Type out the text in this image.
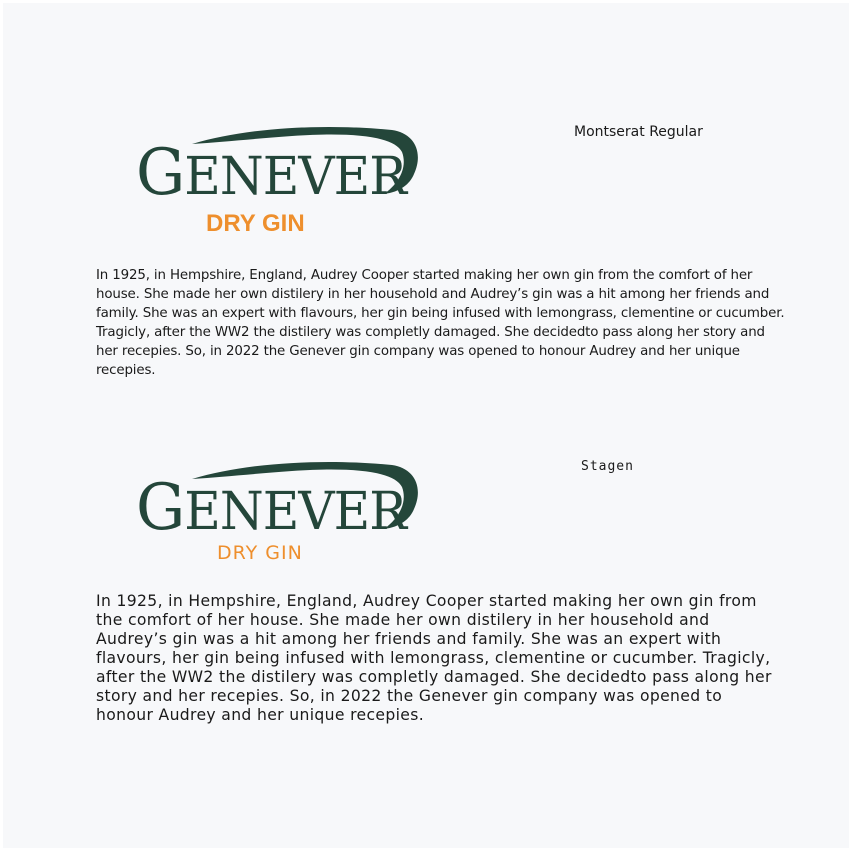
GENEVER
DRY GIN
Montserat Regular

In 1925, in Hempshire, England, Audrey Cooper started making her own gin from the comfort of her house. She made her own distilery in her household and Audrey’s gin was a hit among her friends and family. She was an expert with flavours, her gin being infused with lemongrass, clementine or cucumber. Tragicly, after the WW2 the distilery was completly damaged. She decidedto pass along her story and her recepies. So, in 2022 the Genever gin company was opened to honour Audrey and her unique recepies.

GENEVER
DRY GIN
Stagen

In 1925, in Hempshire, England, Audrey Cooper started making her own gin from the comfort of her house. She made her own distilery in her household and Audrey’s gin was a hit among her friends and family. She was an expert with flavours, her gin being infused with lemongrass, clementine or cucumber. Tragicly, after the WW2 the distilery was completly damaged. She decidedto pass along her story and her recepies. So, in 2022 the Genever gin company was opened to honour Audrey and her unique recepies.
